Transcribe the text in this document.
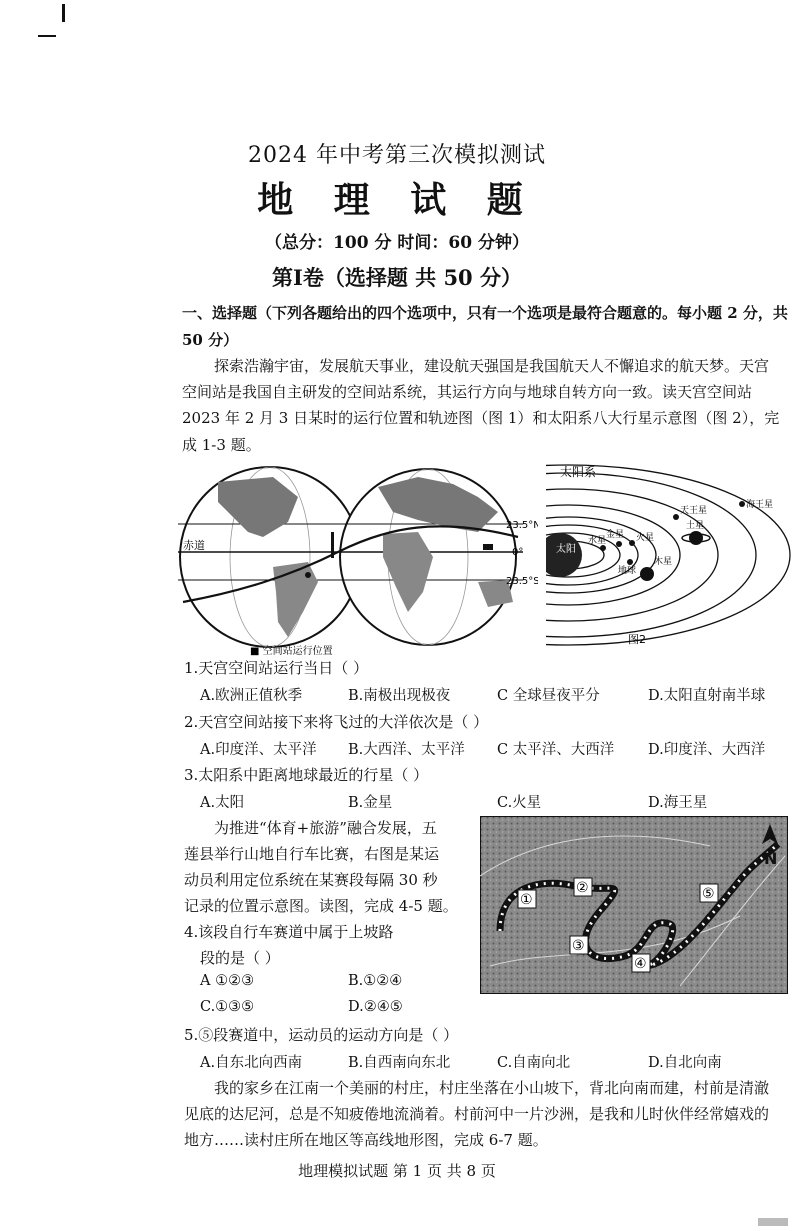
2024 年中考第三次模拟测试
地 理 试 题
（总分：100 分 时间：60 分钟）
第Ⅰ卷（选择题 共 50 分）
一、选择题（下列各题给出的四个选项中，只有一个选项是最符合题意的。每小题 2 分，共
50 分）
探索浩瀚宇宙，发展航天事业，建设航天强国是我国航天人不懈追求的航天梦。天宫
空间站是我国自主研发的空间站系统，其运行方向与地球自转方向一致。读天宫空间站
2023 年 2 月 3 日某时的运行位置和轨迹图（图 1）和太阳系八大行星示意图（图 2），完
成 1-3 题。
赤道
23.5°N
0°
23.5°S
■ 空间站运行位置
太阳系
太阳
水星
金星
地球
火星
木星
土星
天王星
海王星
图2
1.天宫空间站运行当日（ ）
A.欧洲正值秋季	B.南极出现极夜	C 全球昼夜平分	D.太阳直射南半球
2.天宫空间站接下来将飞过的大洋依次是（ ）
A.印度洋、太平洋 B.大西洋、太平洋 C 太平洋、大西洋 D.印度洋、大西洋
3.太阳系中距离地球最近的行星（ ）
A.太阳	B.金星	C.火星	D.海王星
为推进“体育+旅游”融合发展，五
莲县举行山地自行车比赛，右图是某运
动员利用定位系统在某赛段每隔 30 秒
记录的位置示意图。读图，完成 4-5 题。
4.该段自行车赛道中属于上坡路
段的是（ ）
A ①②③	B.①②④
C.①③⑤	D.②④⑤
①
②
③
④
⑤
N
5.⑤段赛道中，运动员的运动方向是（ ）
A.自东北向西南	B.自西南向东北	C.自南向北	D.自北向南
我的家乡在江南一个美丽的村庄，村庄坐落在小山坡下，背北向南而建，村前是清澈
见底的达尼河，总是不知疲倦地流淌着。村前河中一片沙洲，是我和儿时伙伴经常嬉戏的
地方……读村庄所在地区等高线地形图，完成 6-7 题。
地理模拟试题 第 1 页 共 8 页
